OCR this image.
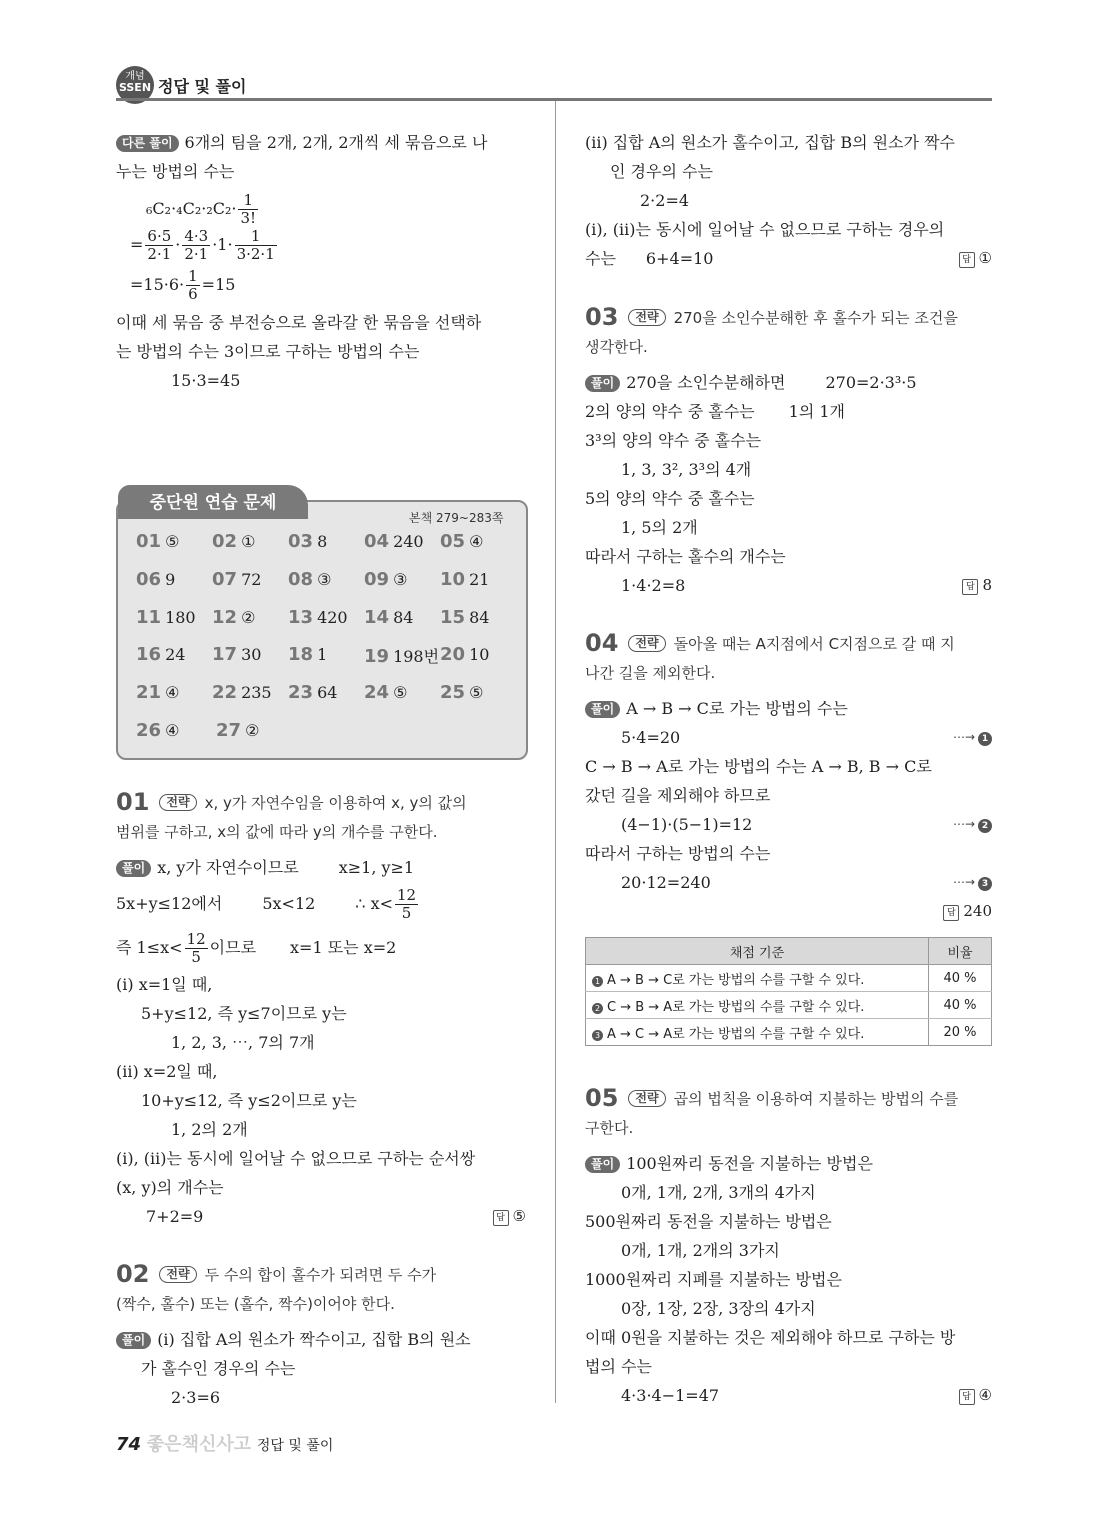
개념
SSEN 정답 및 풀이

다른 풀이 6개의 팀을 2개, 2개, 2개씩 세 묶음으로 나

누는 방법의 수는

$_6C_2\cdot_4C_2\cdot_2C_2\cdot \frac{1}{3!}$

= $\frac{6\cdot 5}{2\cdot 1} \cdot \frac{4\cdot 3}{2\cdot 1} \cdot 1\cdot \frac{1}{3\cdot 2\cdot 1}$

$=15\cdot 6\cdot \frac{1}{6} =15$

이때 세 묶음 중 부전승으로 올라갈 한 묶음을 선택하

는 방법의 수는 3이므로 구하는 방법의 수는

15·3=45

중단원 연습 문제
본책 279~283쪽
01 ⑤	02 ①	03 8	04 240 05 ④
06 9	07 72	08 ③	09 ③	10 21
11 180 12 ②	13 420 14 84	15 84
16 24	17 30	18 1	19 198번 20 10
21 ④	22 235 23 64	24 ⑤	25 ⑤
26 ④	27 ②

01 전략 x, y가 자연수임을 이용하여 x, y의 값의

범위를 구하고, x의 값에 따라 y의 개수를 구한다.

풀이 x, y가 자연수이므로	x≥1, y≥1

5x+y≤12에서	5x<12	∴ $x< \frac{12}{5}$

즉 $1\le x< \frac{12}{5}$ 이므로 x=1 또는 x=2

(i) x=1일 때,

5+y≤12, 즉 y≤7이므로 y는

1, 2, 3, ⋯, 7의 7개

(ii) x=2일 때,

10+y≤12, 즉 y≤2이므로 y는

1, 2의 2개

(i), (ii)는 동시에 일어날 수 없으므로 구하는 순서쌍

(x, y)의 개수는

7+2=9	답 ⑤

02 전략 두 수의 합이 홀수가 되려면 두 수가

(짝수, 홀수) 또는 (홀수, 짝수)이어야 한다.

풀이 (i) 집합 A의 원소가 짝수이고, 집합 B의 원소

가 홀수인 경우의 수는

2·3=6

(ii) 집합 A의 원소가 홀수이고, 집합 B의 원소가 짝수

인 경우의 수는

2·2=4

(i), (ii)는 동시에 일어날 수 없으므로 구하는 경우의

수는 6+4=10	답 ①

03 전략 270을 소인수분해한 후 홀수가 되는 조건을

생각한다.

풀이 270을 소인수분해하면	270=2·3³·5

2의 양의 약수 중 홀수는 1의 1개

3³의 양의 약수 중 홀수는

1, 3, 3², 3³의 4개

5의 양의 약수 중 홀수는

1, 5의 2개

따라서 구하는 홀수의 개수는

1·4·2=8	답 8

04 전략 돌아올 때는 A지점에서 C지점으로 갈 때 지

나간 길을 제외한다.

풀이 A → B → C로 가는 방법의 수는

5·4=20	⋯→ 1

C → B → A로 가는 방법의 수는 A → B, B → C로

갔던 길을 제외해야 하므로

(4−1)·(5−1)=12	⋯→ 2

따라서 구하는 방법의 수는

20·12=240	⋯→ 3

답 240

채점 기준	비율
1 A → B → C로 가는 방법의 수를 구할 수 있다.	40 %
2 C → B → A로 가는 방법의 수를 구할 수 있다.	40 %
3 A → C → A로 가는 방법의 수를 구할 수 있다.	20 %

05 전략 곱의 법칙을 이용하여 지불하는 방법의 수를

구한다.

풀이 100원짜리 동전을 지불하는 방법은

0개, 1개, 2개, 3개의 4가지

500원짜리 동전을 지불하는 방법은

0개, 1개, 2개의 3가지

1000원짜리 지폐를 지불하는 방법은

0장, 1장, 2장, 3장의 4가지

이때 0원을 지불하는 것은 제외해야 하므로 구하는 방

법의 수는

4·3·4−1=47	답 ④

74 좋은책신사고 정답 및 풀이
